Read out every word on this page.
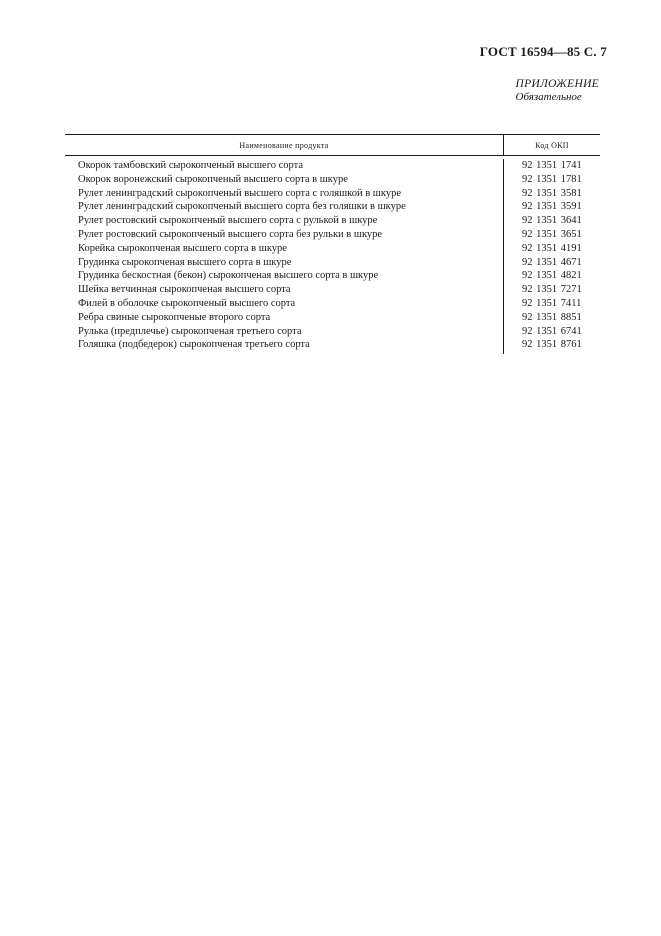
ГОСТ 16594—85 С. 7
ПРИЛОЖЕНИЕ
Обязательное
Наименование продукта	Код ОКП
Окорок тамбовский сырокопченый высшего сорта
Окорок воронежский сырокопченый высшего сорта в шкуре
Рулет ленинградский сырокопченый высшего сорта с голяшкой в шкуре
Рулет ленинградский сырокопченый высшего сорта без голяшки в шкуре
Рулет ростовский сырокопченый высшего сорта с рулькой в шкуре
Рулет ростовский сырокопченый высшего сорта без рульки в шкуре
Корейка сырокопченая высшего сорта в шкуре
Грудинка сырокопченая высшего сорта в шкуре
Грудинка бескостная (бекон) сырокопченая высшего сорта в шкуре
Шейка ветчинная сырокопченая высшего сорта
Филей в оболочке сырокопченый высшего сорта
Ребра свиные сырокопченые второго сорта
Рулька (предплечье) сырокопченая третьего сорта
Голяшка (подбедерок) сырокопченая третьего сорта
92 1351 1741
92 1351 1781
92 1351 3581
92 1351 3591
92 1351 3641
92 1351 3651
92 1351 4191
92 1351 4671
92 1351 4821
92 1351 7271
92 1351 7411
92 1351 8851
92 1351 6741
92 1351 8761
